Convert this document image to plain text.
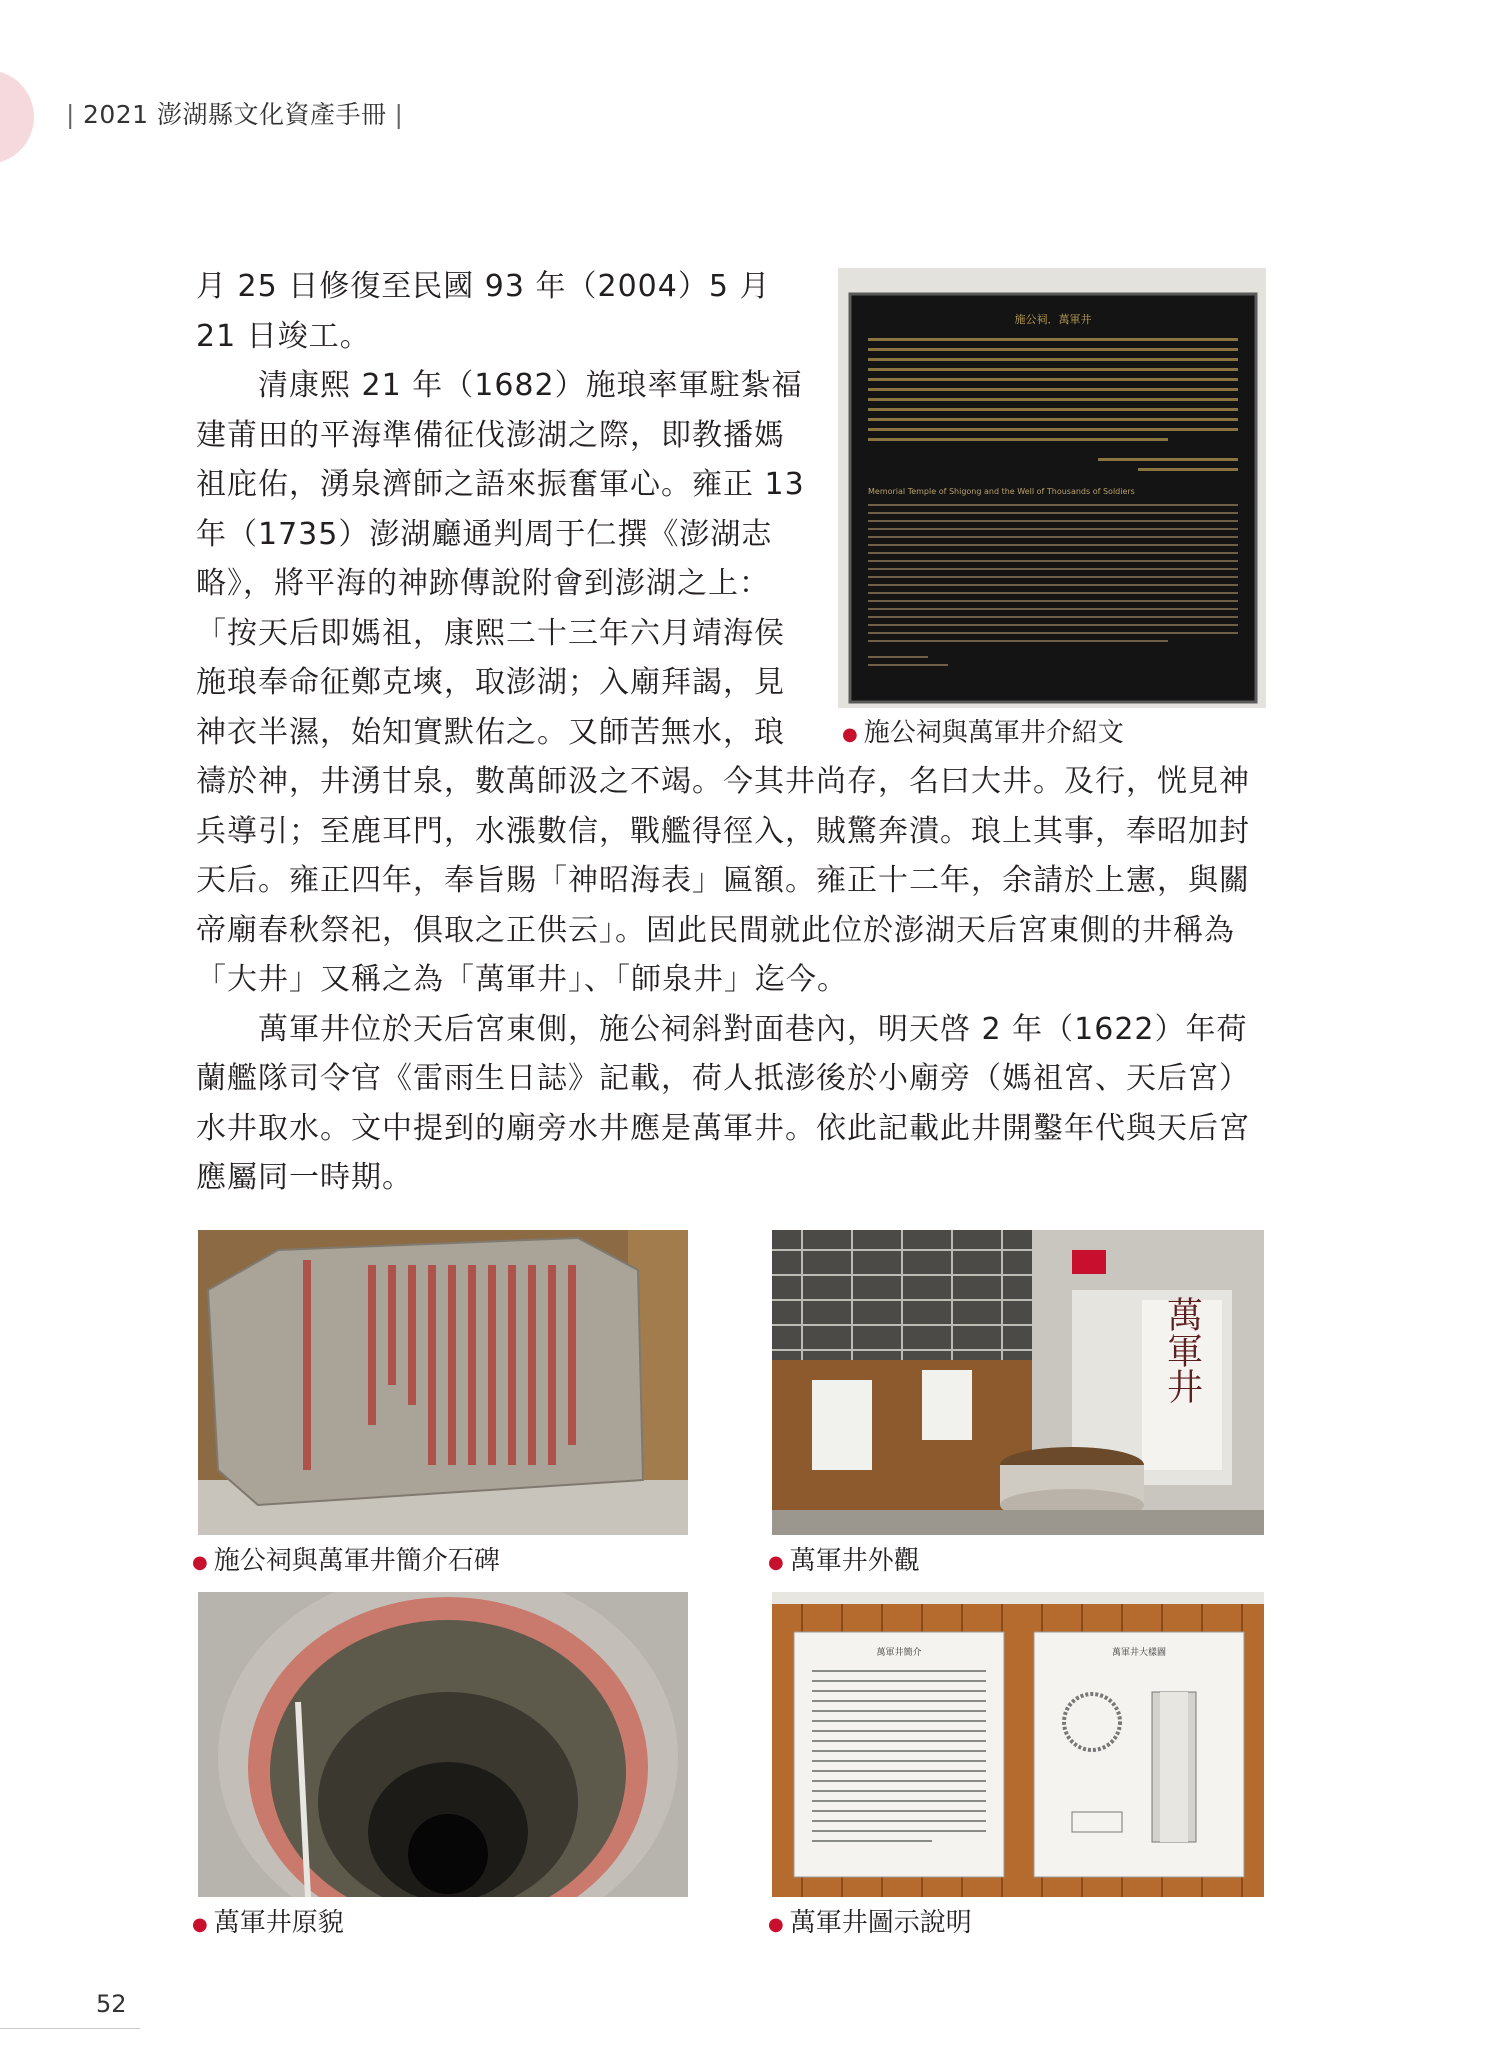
| 2021 澎湖縣文化資產手冊 |

月 25 日修復至民國 93 年（2004）5 月 21 日竣工。

清康熙 21 年（1682）施琅率軍駐紮福建莆田的平海準備征伐澎湖之際，即教播媽祖庇佑，湧泉濟師之語來振奮軍心。雍正 13 年（1735）澎湖廳通判周于仁撰《澎湖志略》，將平海的神跡傳說附會到澎湖之上：「按天后即媽祖，康熙二十三年六月靖海侯施琅奉命征鄭克塽，取澎湖；入廟拜謁，見神衣半濕，始知實默佑之。又師苦無水，琅

施公祠．萬軍井
Memorial Temple of Shigong and the Well of Thousands of Soldiers
● 施公祠與萬軍井介紹文

禱於神，井湧甘泉，數萬師汲之不竭。今其井尚存，名曰大井。及行，恍見神兵導引；至鹿耳門，水漲數信，戰艦得徑入，賊驚奔潰。琅上其事，奉昭加封天后。雍正四年，奉旨賜「神昭海表」匾額。雍正十二年，余請於上憲，與關帝廟春秋祭祀，俱取之正供云」。固此民間就此位於澎湖天后宮東側的井稱為「大井」又稱之為「萬軍井」、「師泉井」迄今。

萬軍井位於天后宮東側，施公祠斜對面巷內，明天啓 2 年（1622）年荷蘭艦隊司令官《雷雨生日誌》記載，荷人抵澎後於小廟旁（媽祖宮、天后宮）水井取水。文中提到的廟旁水井應是萬軍井。依此記載此井開鑿年代與天后宮應屬同一時期。

● 施公祠與萬軍井簡介石碑
萬軍井
● 萬軍井外觀
● 萬軍井原貌
萬軍井簡介	萬軍井大樣圖
● 萬軍井圖示說明
52
